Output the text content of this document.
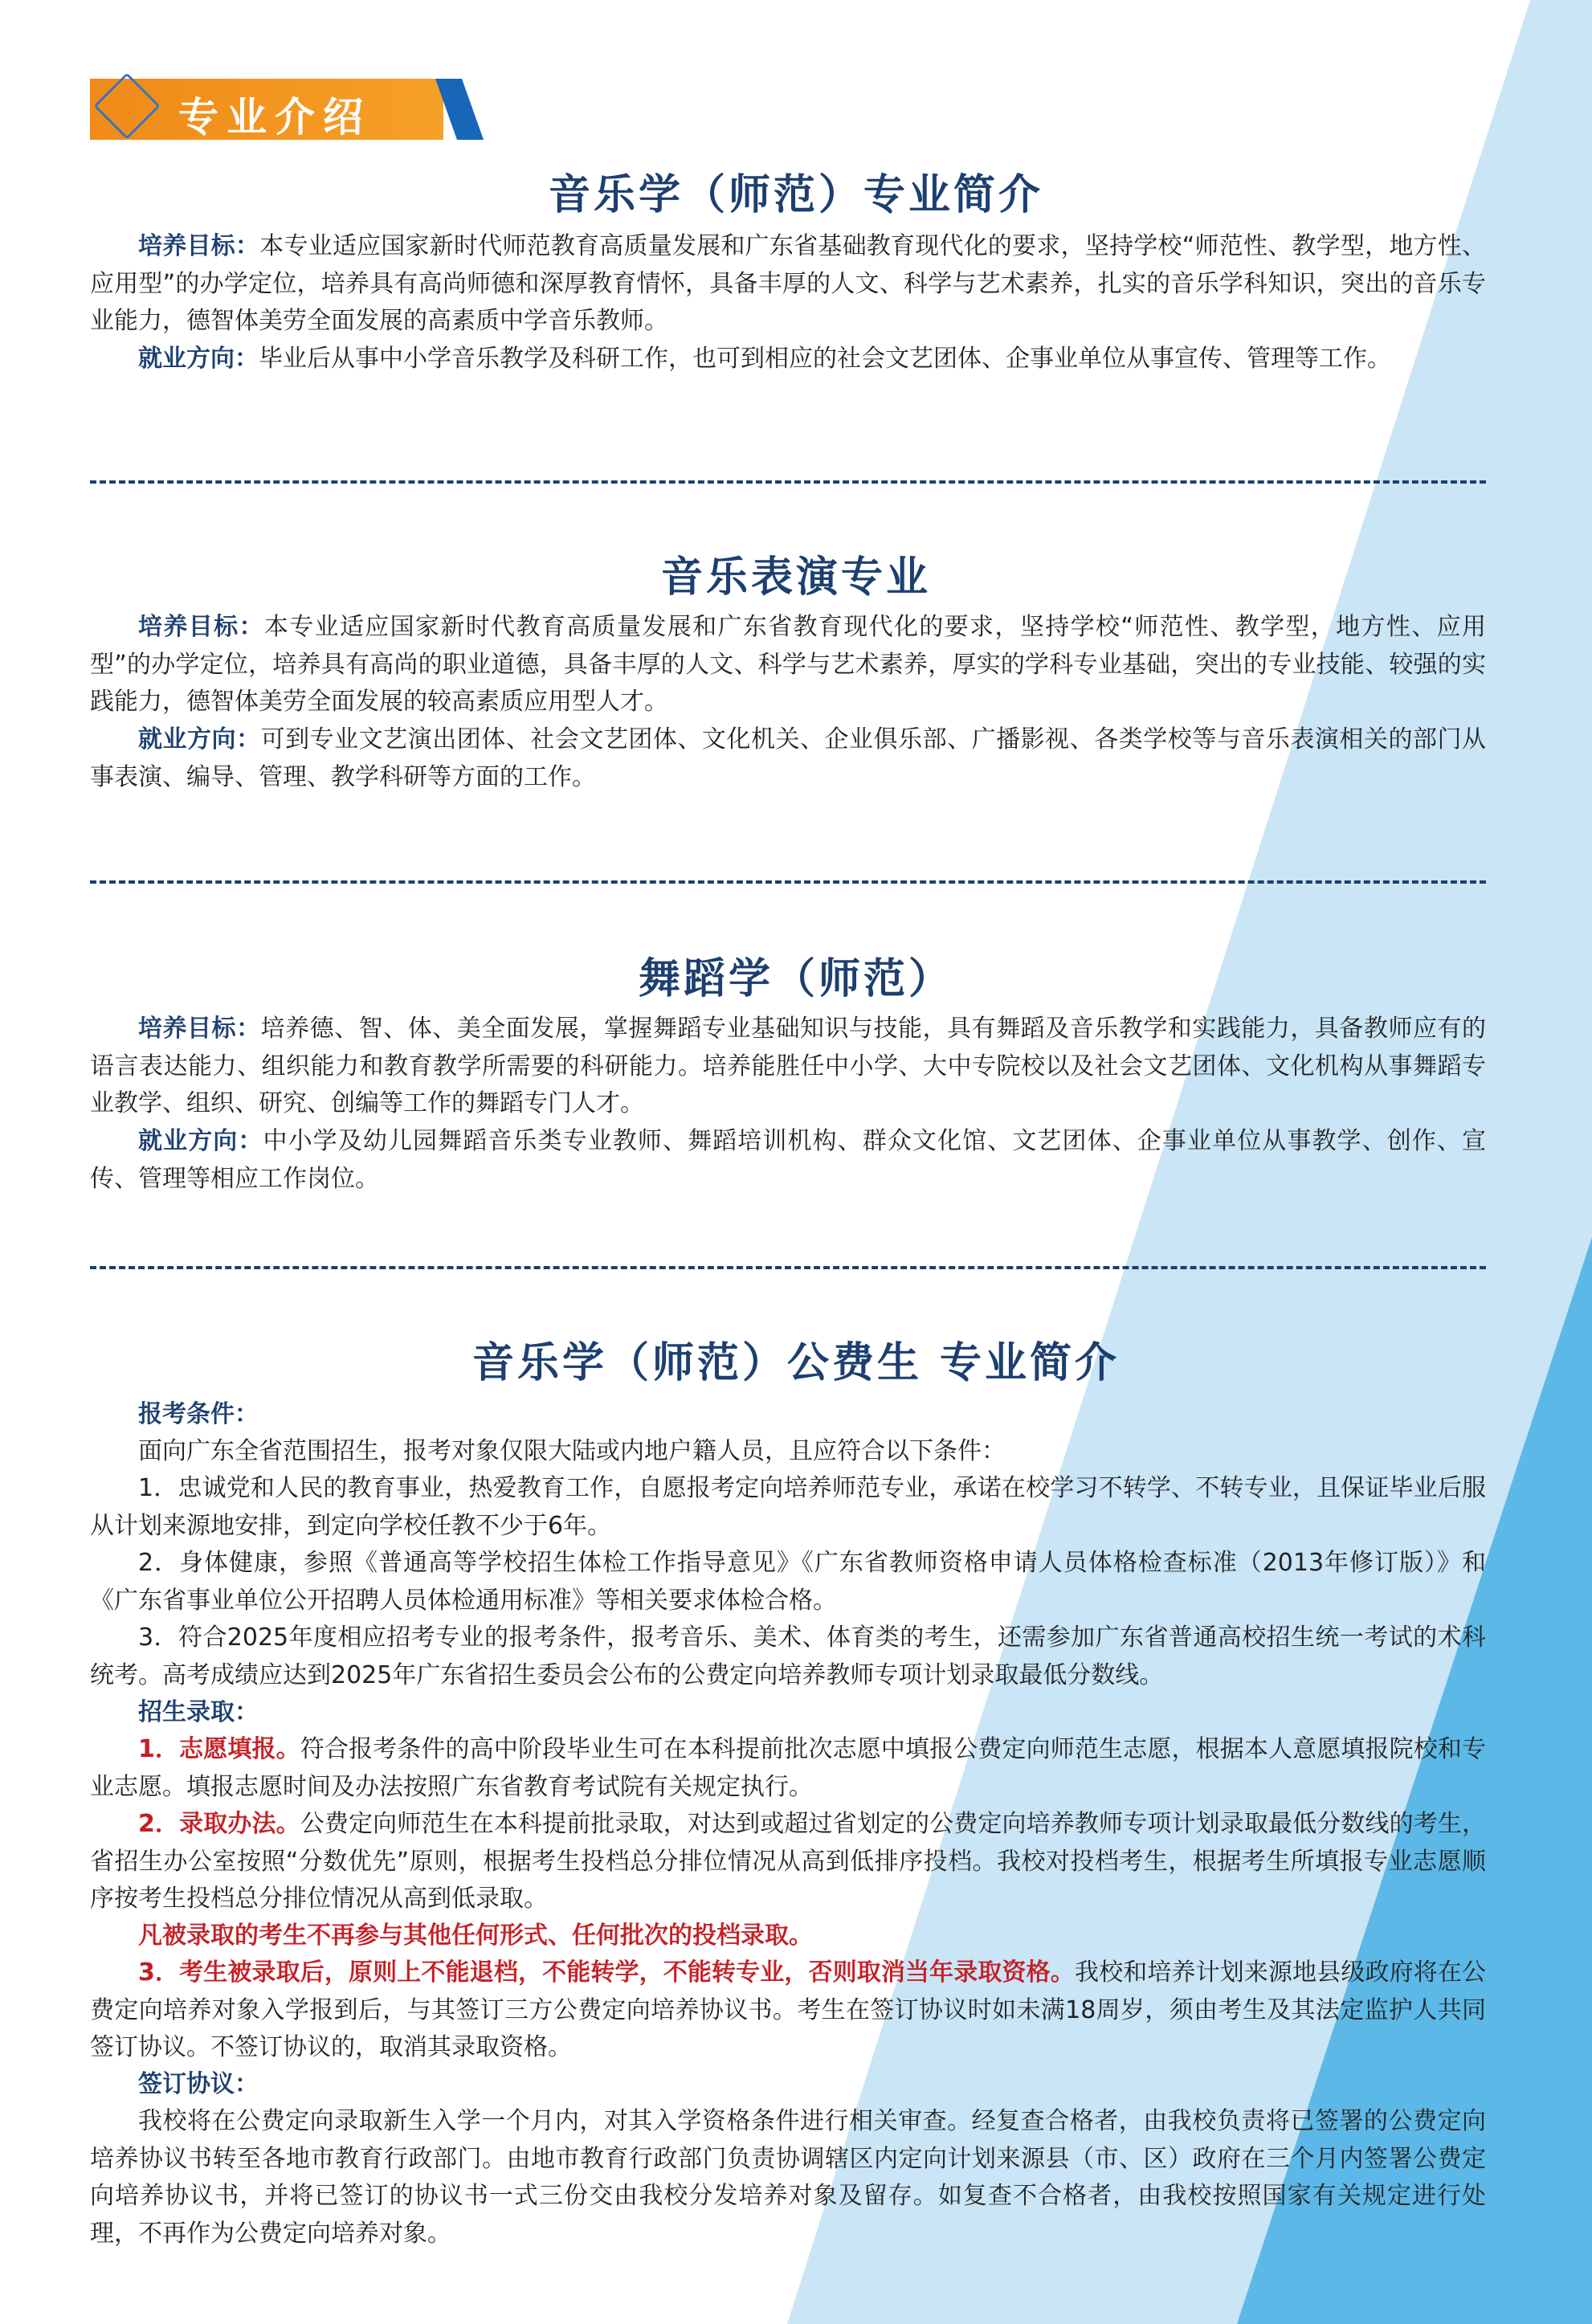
专业介绍
音乐学（师范）专业简介

培养目标：本专业适应国家新时代师范教育高质量发展和广东省基础教育现代化的要求，坚持学校“师范性、教学型，地方性、应用型”的办学定位，培养具有高尚师德和深厚教育情怀，具备丰厚的人文、科学与艺术素养，扎实的音乐学科知识，突出的音乐专业能力，德智体美劳全面发展的高素质中学音乐教师。

就业方向：毕业后从事中小学音乐教学及科研工作，也可到相应的社会文艺团体、企事业单位从事宣传、管理等工作。

音乐表演专业

培养目标：本专业适应国家新时代教育高质量发展和广东省教育现代化的要求，坚持学校“师范性、教学型，地方性、应用型”的办学定位，培养具有高尚的职业道德，具备丰厚的人文、科学与艺术素养，厚实的学科专业基础，突出的专业技能、较强的实践能力，德智体美劳全面发展的较高素质应用型人才。

就业方向：可到专业文艺演出团体、社会文艺团体、文化机关、企业俱乐部、广播影视、各类学校等与音乐表演相关的部门从事表演、编导、管理、教学科研等方面的工作。

舞蹈学（师范）

培养目标：培养德、智、体、美全面发展，掌握舞蹈专业基础知识与技能，具有舞蹈及音乐教学和实践能力，具备教师应有的语言表达能力、组织能力和教育教学所需要的科研能力。培养能胜任中小学、大中专院校以及社会文艺团体、文化机构从事舞蹈专业教学、组织、研究、创编等工作的舞蹈专门人才。

就业方向：中小学及幼儿园舞蹈音乐类专业教师、舞蹈培训机构、群众文化馆、文艺团体、企事业单位从事教学、创作、宣传、管理等相应工作岗位。

音乐学（师范）公费生 专业简介

报考条件：

面向广东全省范围招生，报考对象仅限大陆或内地户籍人员，且应符合以下条件：

1．忠诚党和人民的教育事业，热爱教育工作，自愿报考定向培养师范专业，承诺在校学习不转学、不转专业，且保证毕业后服从计划来源地安排，到定向学校任教不少于6年。

2．身体健康，参照《普通高等学校招生体检工作指导意见》《广东省教师资格申请人员体格检查标准（2013年修订版）》和《广东省事业单位公开招聘人员体检通用标准》等相关要求体检合格。

3．符合2025年度相应招考专业的报考条件，报考音乐、美术、体育类的考生，还需参加广东省普通高校招生统一考试的术科统考。高考成绩应达到2025年广东省招生委员会公布的公费定向培养教师专项计划录取最低分数线。

招生录取：

1．志愿填报。符合报考条件的高中阶段毕业生可在本科提前批次志愿中填报公费定向师范生志愿，根据本人意愿填报院校和专业志愿。填报志愿时间及办法按照广东省教育考试院有关规定执行。

2．录取办法。公费定向师范生在本科提前批录取，对达到或超过省划定的公费定向培养教师专项计划录取最低分数线的考生，省招生办公室按照“分数优先”原则，根据考生投档总分排位情况从高到低排序投档。我校对投档考生，根据考生所填报专业志愿顺序按考生投档总分排位情况从高到低录取。

凡被录取的考生不再参与其他任何形式、任何批次的投档录取。

3．考生被录取后，原则上不能退档，不能转学，不能转专业，否则取消当年录取资格。我校和培养计划来源地县级政府将在公费定向培养对象入学报到后，与其签订三方公费定向培养协议书。考生在签订协议时如未满18周岁，须由考生及其法定监护人共同签订协议。不签订协议的，取消其录取资格。

签订协议：

我校将在公费定向录取新生入学一个月内，对其入学资格条件进行相关审查。经复查合格者，由我校负责将已签署的公费定向培养协议书转至各地市教育行政部门。由地市教育行政部门负责协调辖区内定向计划来源县（市、区）政府在三个月内签署公费定向培养协议书，并将已签订的协议书一式三份交由我校分发培养对象及留存。如复查不合格者，由我校按照国家有关规定进行处理，不再作为公费定向培养对象。
